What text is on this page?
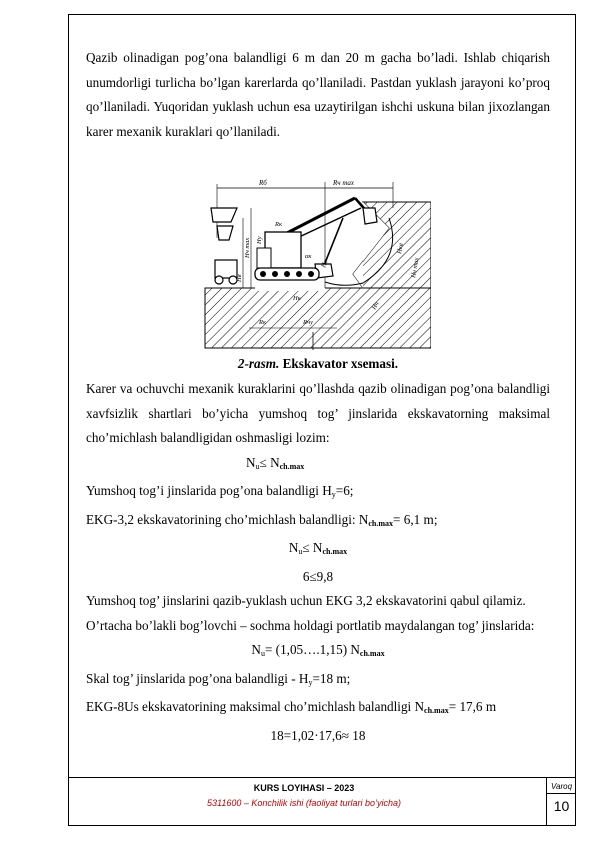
Qazib olinadigan pog’ona balandligi 6 m dan 20 m gacha bo’ladi. Ishlab chiqarish unumdorligi turlicha bo’lgan karerlarda qo’llaniladi. Pastdan yuklash jarayoni ko’proq qo’llaniladi. Yuqoridan yuklash uchun esa uzaytirilgan ishchi uskuna bilan jixozlangan karer mexanik kuraklari qo’llaniladi.

Rб	Rч max
Hч max
Hв
Hу
Rк
αк
Hс
Hкв
Hч max
Hк
Hч
Rк	Rчу
2-rasm. Ekskavator xsemasi.

Karer va ochuvchi mexanik kuraklarini qo’llashda qazib olinadigan pog’ona balandligi xavfsizlik shartlari bo’yicha yumshoq tog’ jinslarida ekskavatorning maksimal cho’michlash balandligidan oshmasligi lozim:

$N_u\le N_{ch.max}$
Yumshoq tog’i jinslarida pog’ona balandligi $H_y=6$;
EKG-3,2 ekskavatorining cho’michlash balandligi: $N_{ch.max}= 6,1$ m;
$N_u\le N_{ch.max}$
6≤9,8

Yumshoq tog’ jinslarini qazib-yuklash uchun EKG 3,2 ekskavatorini qabul qilamiz.

O’rtacha bo’lakli bog’lovchi – sochma holdagi portlatib maydalangan tog’ jinslarida:

$N_u=$ (1,05….1,15) $N_{ch.max}$
Skal tog’ jinslarida pog’ona balandligi - $H_y=18$ m;
EKG-8Us ekskavatorining maksimal cho’michlash balandligi $N_{ch.max}= 17,6$ m
18=1,02·17,6≈ 18
KURS LOYIHASI – 2023
5311600 – Konchilik ishi (faoliyat turlari bo’yicha)
Varoq
10
